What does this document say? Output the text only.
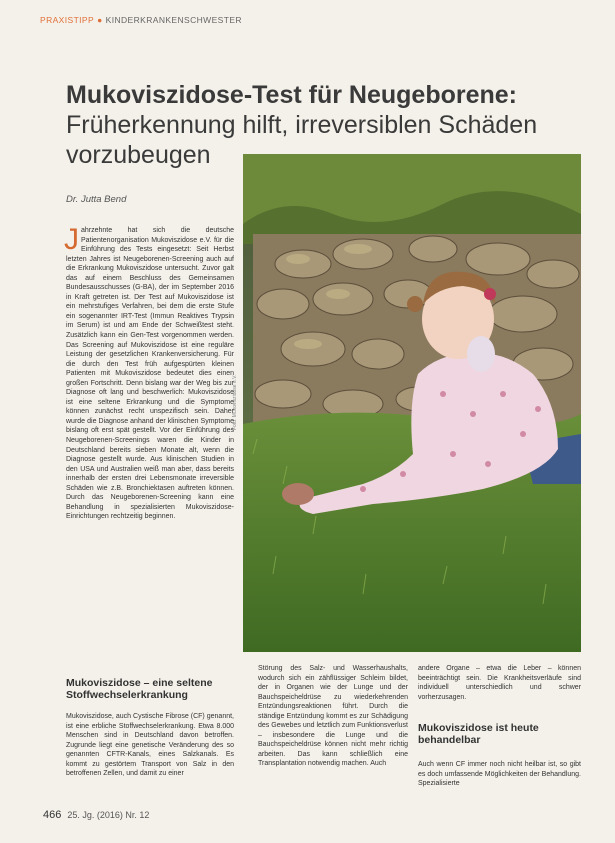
PRAXISTIPP ● KINDERKRANKENSCHWESTER
Mukoviszidose-Test für Neugeborene:
Früherkennung hilft, irreversiblen Schäden vorzubeugen
Dr. Jutta Bend
Foto: Mukoviszidose e.V.

Jahrzehnte hat sich die deutsche Patientenorganisation Mukoviszidose e.V. für die Einführung des Tests eingesetzt: Seit Herbst letzten Jahres ist Neugeborenen-Screening auch auf die Erkrankung Mukoviszidose untersucht. Zuvor galt das auf einem Beschluss des Gemeinsamen Bundesausschusses (G-BA), der im September 2016 in Kraft getreten ist. Der Test auf Mukoviszidose ist ein mehrstufiges Verfahren, bei dem die erste Stufe ein sogenannter IRT-Test (Immun Reaktives Trypsin im Serum) ist und am Ende der Schweißtest steht. Zusätzlich kann ein Gen-Test vorgenommen werden. Das Screening auf Mukoviszidose ist eine reguläre Leistung der gesetzlichen Krankenversicherung. Für die durch den Test früh aufgespürten kleinen Patienten mit Mukoviszidose bedeutet dies einen großen Fortschritt. Denn bislang war der Weg bis zur Diagnose oft lang und beschwerlich: Mukoviszidose ist eine seltene Erkrankung und die Symptome können zunächst recht unspezifisch sein. Daher wurde die Diagnose anhand der klinischen Symptome bislang oft erst spät gestellt. Vor der Einführung des Neugeborenen-Screenings waren die Kinder in Deutschland bereits sieben Monate alt, wenn die Diagnose gestellt wurde. Aus klinischen Studien in den USA und Australien weiß man aber, dass bereits innerhalb der ersten drei Lebensmonate irreversible Schäden wie z.B. Bronchiektasen auftreten können. Durch das Neugeborenen-Screening kann eine Behandlung in spezialisierten Mukoviszidose-Einrichtungen rechtzeitig beginnen.

Mukoviszidose – eine seltene Stoffwechselerkrankung
Mukoviszidose, auch Cystische Fibrose (CF) genannt, ist eine erbliche Stoffwechselerkrankung. Etwa 8.000 Menschen sind in Deutschland davon betroffen. Zugrunde liegt eine genetische Veränderung des so genannten CFTR-Kanals, eines Salzkanals. Es kommt zu gestörtem Transport von Salz in den betroffenen Zellen, und damit zu einer
Störung des Salz- und Wasserhaushalts, wodurch sich ein zähflüssiger Schleim bildet, der in Organen wie der Lunge und der Bauchspeicheldrüse zu wiederkehrenden Entzündungsreaktionen führt. Durch die ständige Entzündung kommt es zur Schädigung des Gewebes und letztlich zum Funktionsverlust – insbesondere die Lunge und die Bauchspeicheldrüse können nicht mehr richtig arbeiten. Das kann schließlich eine Transplantation notwendig machen. Auch
andere Organe – etwa die Leber – können beeinträchtigt sein. Die Krankheitsverläufe sind individuell unterschiedlich und schwer vorherzusagen.
Mukoviszidose ist heute behandelbar
Auch wenn CF immer noch nicht heilbar ist, so gibt es doch umfassende Möglichkeiten der Behandlung. Spezialisierte
466 25. Jg. (2016) Nr. 12
